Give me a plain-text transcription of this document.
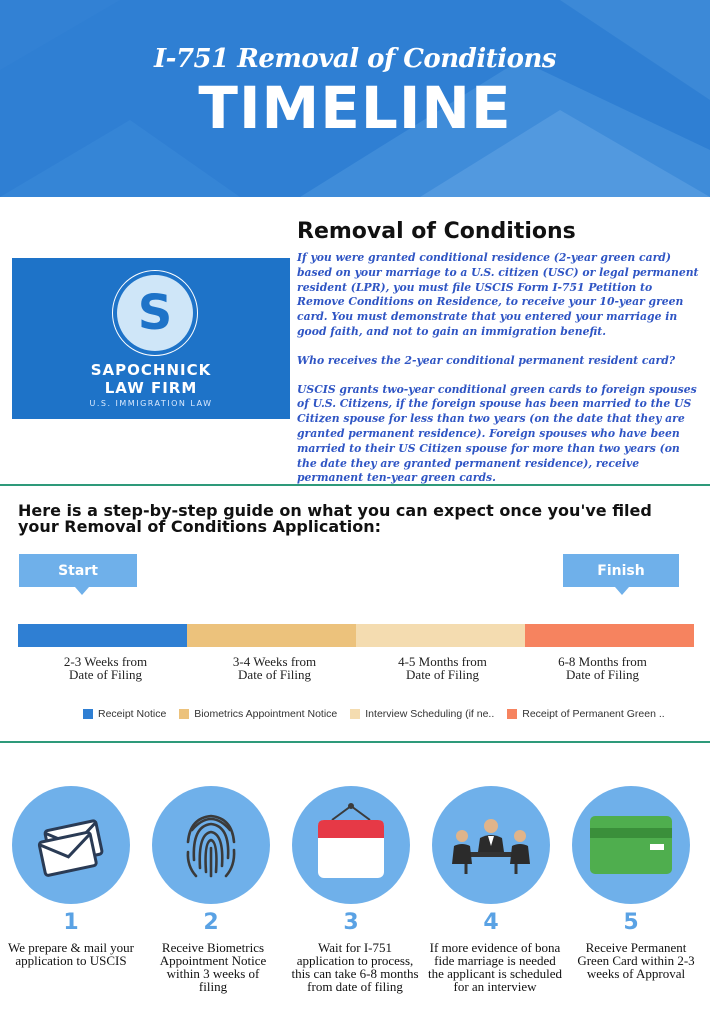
I-751 Removal of Conditions
TIMELINE
S
SAPOCHNICK
LAW FIRM
U.S. IMMIGRATION LAW
Removal of Conditions

If you were granted conditional residence (2-year green card) based on your marriage to a U.S. citizen (USC) or legal permanent resident (LPR), you must file USCIS Form I-751 Petition to Remove Conditions on Residence, to receive your 10-year green card. You must demonstrate that you entered your marriage in good faith, and not to gain an immigration benefit.

Who receives the 2-year conditional permanent resident card?

USCIS grants two-year conditional green cards to foreign spouses of U.S. Citizens, if the foreign spouse has been married to the US Citizen spouse for less than two years (on the date that they are granted permanent residence). Foreign spouses who have been married to their US Citizen spouse for more than two years (on the date they are granted permanent residence), receive permanent ten-year green cards.

Here is a step-by-step guide on what you can expect once you've filed your Removal of Conditions Application:
Start	Finish
2-3 Weeks from
Date of Filing
3-4 Weeks from
Date of Filing
4-5 Months from
Date of Filing
6-8 Months from
Date of Filing
Receipt Notice	Biometrics Appointment Notice	Interview Scheduling (if ne..	Receipt of Permanent Green ..
1	2	3	4	5
We prepare & mail your application to USCIS
Receive Biometrics Appointment Notice within 3 weeks of filing
Wait for I-751 application to process, this can take 6-8 months from date of filing
If more evidence of bona fide marriage is needed the applicant is scheduled for an interview
Receive Permanent Green Card within 2-3 weeks of Approval
